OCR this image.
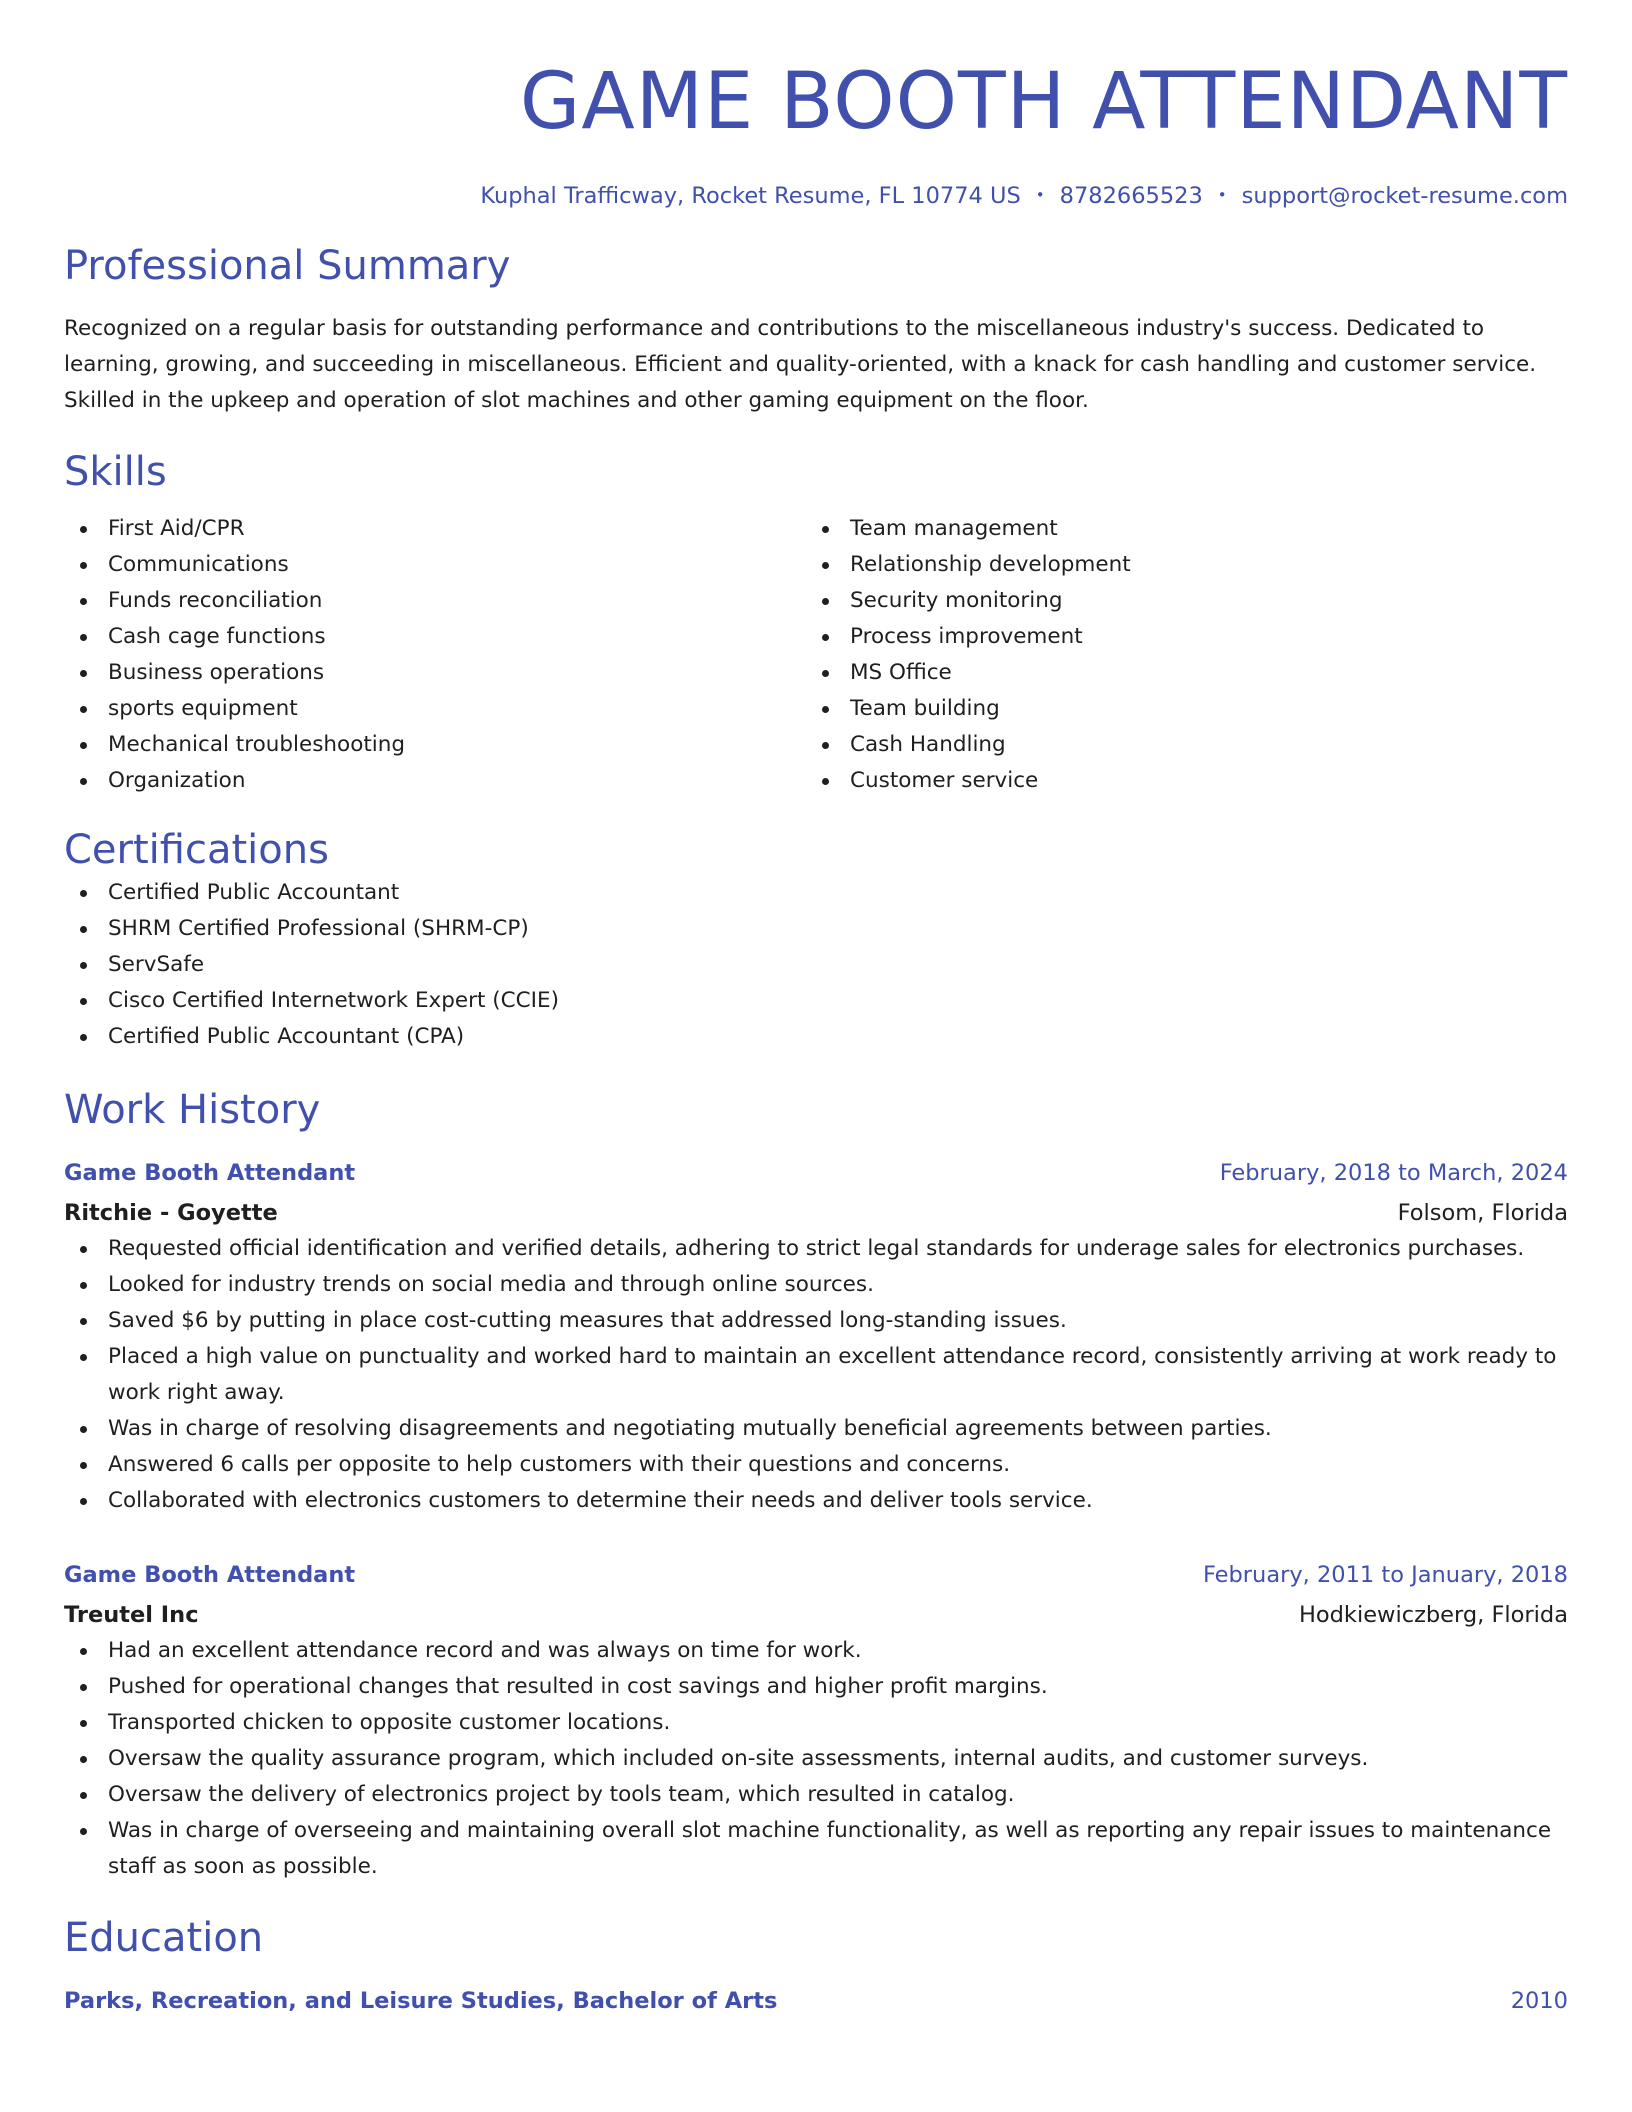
GAME BOOTH ATTENDANT
Kuphal Trafficway, Rocket Resume, FL 10774 US • 8782665523 • support@rocket-resume.com
Professional Summary

Recognized on a regular basis for outstanding performance and contributions to the miscellaneous industry's success. Dedicated to learning, growing, and succeeding in miscellaneous. Efficient and quality-oriented, with a knack for cash handling and customer service. Skilled in the upkeep and operation of slot machines and other gaming equipment on the floor.

Skills
First Aid/CPR
Communications
Funds reconciliation
Cash cage functions
Business operations
sports equipment
Mechanical troubleshooting
Organization
Team management
Relationship development
Security monitoring
Process improvement
MS Office
Team building
Cash Handling
Customer service
Certifications
Certified Public Accountant
SHRM Certified Professional (SHRM-CP)
ServSafe
Cisco Certified Internetwork Expert (CCIE)
Certified Public Accountant (CPA)
Work History
Game Booth Attendant	February, 2018 to March, 2024
Ritchie - Goyette	Folsom, Florida
Requested official identification and verified details, adhering to strict legal standards for underage sales for electronics purchases.
Looked for industry trends on social media and through online sources.
Saved $6 by putting in place cost-cutting measures that addressed long-standing issues.
Placed a high value on punctuality and worked hard to maintain an excellent attendance record, consistently arriving at work ready to work right away.
Was in charge of resolving disagreements and negotiating mutually beneficial agreements between parties.
Answered 6 calls per opposite to help customers with their questions and concerns.
Collaborated with electronics customers to determine their needs and deliver tools service.
Game Booth Attendant	February, 2011 to January, 2018
Treutel Inc	Hodkiewiczberg, Florida
Had an excellent attendance record and was always on time for work.
Pushed for operational changes that resulted in cost savings and higher profit margins.
Transported chicken to opposite customer locations.
Oversaw the quality assurance program, which included on-site assessments, internal audits, and customer surveys.
Oversaw the delivery of electronics project by tools team, which resulted in catalog.
Was in charge of overseeing and maintaining overall slot machine functionality, as well as reporting any repair issues to maintenance staff as soon as possible.
Education
Parks, Recreation, and Leisure Studies, Bachelor of Arts	2010
